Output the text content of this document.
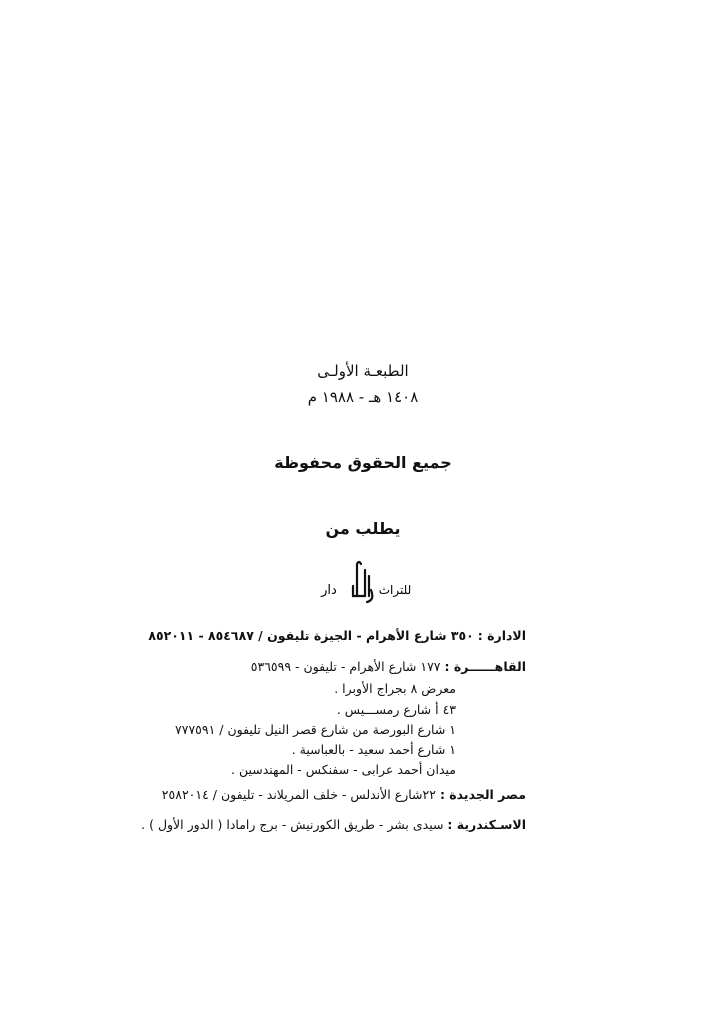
الطبعـة الأولـى
١٤٠٨ هـ - ١٩٨٨ م
جميع الحقوق محفوظة
يطلب من
دار	الريان للتراث
الادارة : ٣٥٠ شارع الأهرام - الجيزة تليفون / ٨٥٤٦٨٧ - ٨٥٢٠١١
القاهــــــرة : ١٧٧ شارع الأهرام - تليفون - ٥٣٦٥٩٩
معرض ٨ بجراج الأوبرا .
٤٣ أ شارع رمســـيس .
١ شارع البورصة من شارع قصر النيل تليفون / ٧٧٧٥٩١
١ شارع أحمد سعيد - بالعباسية .
ميدان أحمد عرابى - سفنكس - المهندسين .
مصر الجديدة : ٢٢شارع الأندلس - خلف المريلاند - تليفون / ٢٥٨٢٠١٤
الاسـكندرية : سيدى بشر - طريق الكورنيش - برج رامادا ( الدور الأول ) .
